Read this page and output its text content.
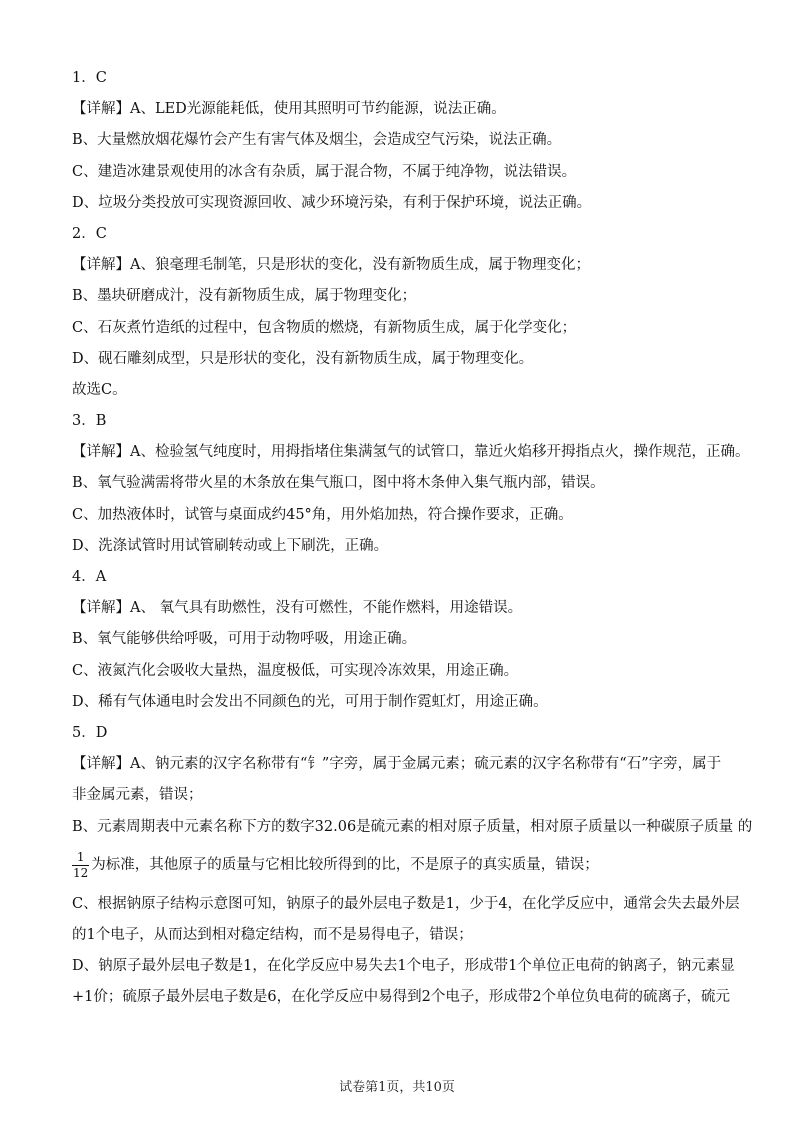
1．C
【详解】A、LED光源能耗低，使用其照明可节约能源，说法正确。
B、大量燃放烟花爆竹会产生有害气体及烟尘，会造成空气污染，说法正确。
C、建造冰建景观使用的冰含有杂质，属于混合物，不属于纯净物，说法错误。
D、垃圾分类投放可实现资源回收、减少环境污染，有利于保护环境，说法正确。
2．C
【详解】A、狼毫理毛制笔，只是形状的变化，没有新物质生成，属于物理变化；
B、墨块研磨成汁，没有新物质生成，属于物理变化；
C、石灰煮竹造纸的过程中，包含物质的燃烧，有新物质生成，属于化学变化；
D、砚石雕刻成型，只是形状的变化，没有新物质生成，属于物理变化。
故选C。
3．B
【详解】A、检验氢气纯度时，用拇指堵住集满氢气的试管口，靠近火焰移开拇指点火，操作规范，正确。
B、氧气验满需将带火星的木条放在集气瓶口，图中将木条伸入集气瓶内部，错误。
C、加热液体时，试管与桌面成约45°角，用外焰加热，符合操作要求，正确。
D、洗涤试管时用试管刷转动或上下刷洗，正确。
4．A
【详解】A、 氧气具有助燃性，没有可燃性，不能作燃料，用途错误。
B、氧气能够供给呼吸，可用于动物呼吸，用途正确。
C、液氮汽化会吸收大量热，温度极低，可实现冷冻效果，用途正确。
D、稀有气体通电时会发出不同颜色的光，可用于制作霓虹灯，用途正确。
5．D
【详解】A、钠元素的汉字名称带有“钅”字旁，属于金属元素；硫元素的汉字名称带有“石”字旁，属于
非金属元素，错误；
B、元素周期表中元素名称下方的数字32.06是硫元素的相对原子质量，相对原子质量以一种碳原子质量 的
$\frac{1}{12}$ 为标准，其他原子的质量与它相比较所得到的比，不是原子的真实质量，错误；
C、根据钠原子结构示意图可知，钠原子的最外层电子数是1，少于4，在化学反应中，通常会失去最外层
的1个电子，从而达到相对稳定结构，而不是易得电子，错误；
D、钠原子最外层电子数是1，在化学反应中易失去1个电子，形成带1个单位正电荷的钠离子，钠元素显
+1价；硫原子最外层电子数是6，在化学反应中易得到2个电子，形成带2个单位负电荷的硫离子，硫元
试卷第1页，共10页
